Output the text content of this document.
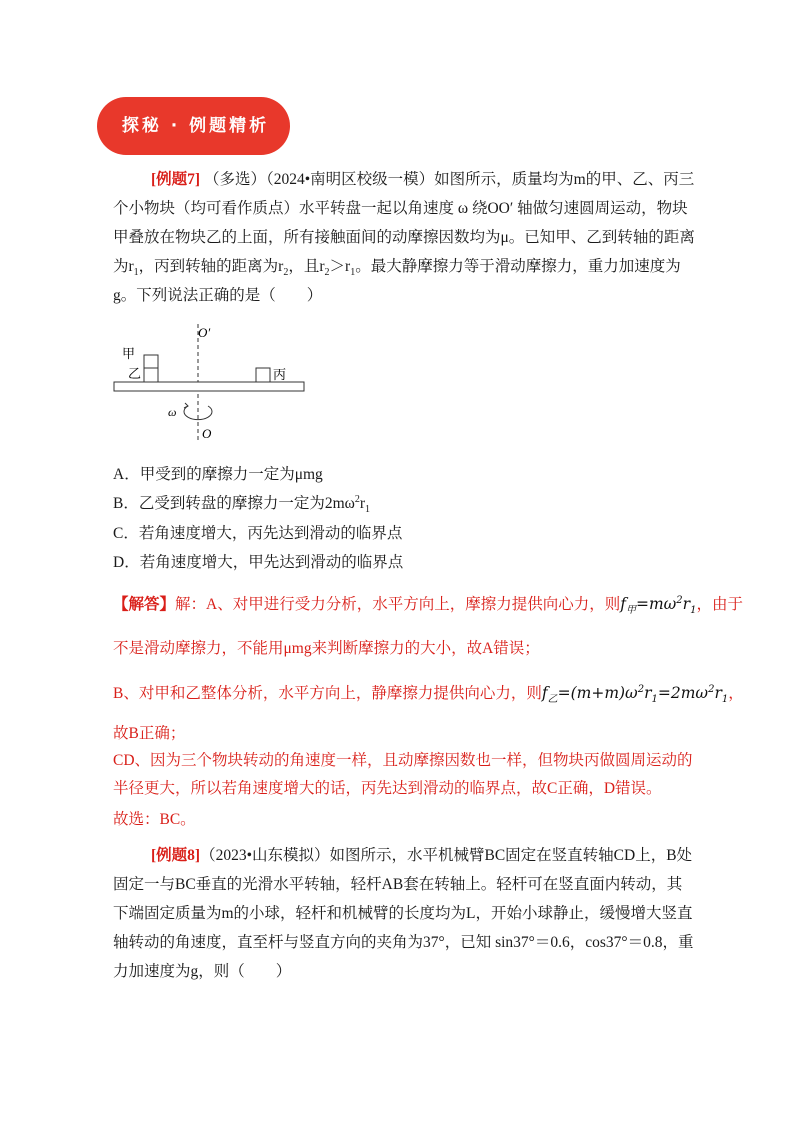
探秘 · 例题精析
[例题7] （多选）（2024•南明区校级一模）如图所示，质量均为m的甲、乙、丙三个小物块（均可看作质点）水平转盘一起以角速度 ω 绕OO′ 轴做匀速圆周运动，物块甲叠放在物块乙的上面，所有接触面间的动摩擦因数均为μ。已知甲、乙到转轴的距离为$r_1$，丙到转轴的距离为$r_2$，且$r_2>r_1$。最大静摩擦力等于滑动摩擦力，重力加速度为g。下列说法正确的是（　　）
O′
甲
乙	丙
ω
O
A．甲受到的摩擦力一定为μmg
B．乙受到转盘的摩擦力一定为$2m\omega^2r_1$
C．若角速度增大，丙先达到滑动的临界点
D．若角速度增大，甲先达到滑动的临界点
【解答】解：A、对甲进行受力分析，水平方向上，摩擦力提供向心力，则$f_甲=m\omega^2r_1$，由于
不是滑动摩擦力，不能用μmg来判断摩擦力的大小，故A错误；
B、对甲和乙整体分析，水平方向上，静摩擦力提供向心力，则$f_乙=(m+m)\omega^2r_1=2m\omega^2r_1$，
故B正确；
CD、因为三个物块转动的角速度一样，且动摩擦因数也一样，但物块丙做圆周运动的半径更大，所以若角速度增大的话，丙先达到滑动的临界点，故C正确，D错误。
故选：BC。
[例题8]（2023•山东模拟）如图所示，水平机械臂BC固定在竖直转轴CD上，B处固定一与BC垂直的光滑水平转轴，轻杆AB套在转轴上。轻杆可在竖直面内转动，其下端固定质量为m的小球，轻杆和机械臂的长度均为L，开始小球静止，缓慢增大竖直轴转动的角速度，直至杆与竖直方向的夹角为37°，已知 sin37°＝0.6，cos37°＝0.8，重力加速度为g，则（　　）
